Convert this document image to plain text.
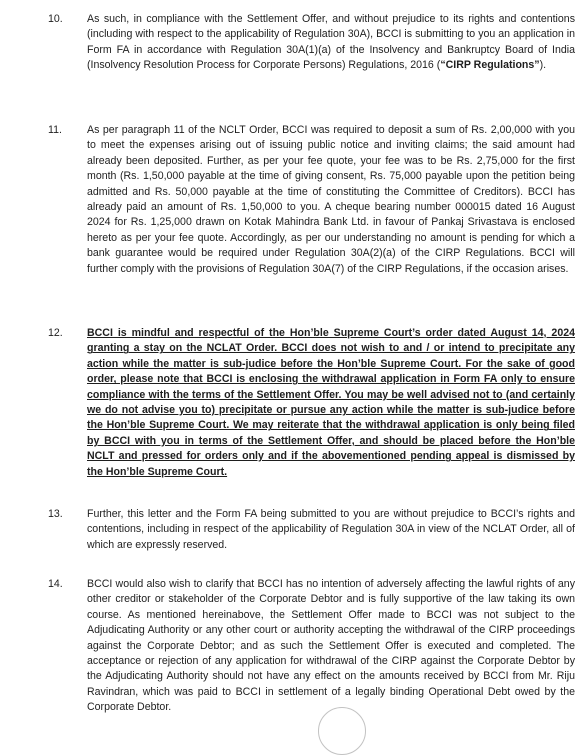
10. As such, in compliance with the Settlement Offer, and without prejudice to its rights and contentions (including with respect to the applicability of Regulation 30A), BCCI is submitting to you an application in Form FA in accordance with Regulation 30A(1)(a) of the Insolvency and Bankruptcy Board of India (Insolvency Resolution Process for Corporate Persons) Regulations, 2016 (“CIRP Regulations”).
11. As per paragraph 11 of the NCLT Order, BCCI was required to deposit a sum of Rs. 2,00,000 with you to meet the expenses arising out of issuing public notice and inviting claims; the said amount had already been deposited. Further, as per your fee quote, your fee was to be Rs. 2,75,000 for the first month (Rs. 1,50,000 payable at the time of giving consent, Rs. 75,000 payable upon the petition being admitted and Rs. 50,000 payable at the time of constituting the Committee of Creditors). BCCI has already paid an amount of Rs. 1,50,000 to you. A cheque bearing number 000015 dated 16 August 2024 for Rs. 1,25,000 drawn on Kotak Mahindra Bank Ltd. in favour of Pankaj Srivastava is enclosed hereto as per your fee quote. Accordingly, as per our understanding no amount is pending for which a bank guarantee would be required under Regulation 30A(2)(a) of the CIRP Regulations. BCCI will further comply with the provisions of Regulation 30A(7) of the CIRP Regulations, if the occasion arises.
12. BCCI is mindful and respectful of the Hon’ble Supreme Court’s order dated August 14, 2024 granting a stay on the NCLAT Order. BCCI does not wish to and / or intend to precipitate any action while the matter is sub-judice before the Hon’ble Supreme Court. For the sake of good order, please note that BCCI is enclosing the withdrawal application in Form FA only to ensure compliance with the terms of the Settlement Offer. You may be well advised not to (and certainly we do not advise you to) precipitate or pursue any action while the matter is sub-judice before the Hon’ble Supreme Court. We may reiterate that the withdrawal application is only being filed by BCCI with you in terms of the Settlement Offer, and should be placed before the Hon’ble NCLT and pressed for orders only and if the abovementioned pending appeal is dismissed by the Hon’ble Supreme Court.
13. Further, this letter and the Form FA being submitted to you are without prejudice to BCCI’s rights and contentions, including in respect of the applicability of Regulation 30A in view of the NCLAT Order, all of which are expressly reserved.
14. BCCI would also wish to clarify that BCCI has no intention of adversely affecting the lawful rights of any other creditor or stakeholder of the Corporate Debtor and is fully supportive of the law taking its own course. As mentioned hereinabove, the Settlement Offer made to BCCI was not subject to the Adjudicating Authority or any other court or authority accepting the withdrawal of the CIRP proceedings against the Corporate Debtor; and as such the Settlement Offer is executed and completed. The acceptance or rejection of any application for withdrawal of the CIRP against the Corporate Debtor by the Adjudicating Authority should not have any effect on the amounts received by BCCI from Mr. Riju Ravindran, which was paid to BCCI in settlement of a legally binding Operational Debt owed by the Corporate Debtor.
